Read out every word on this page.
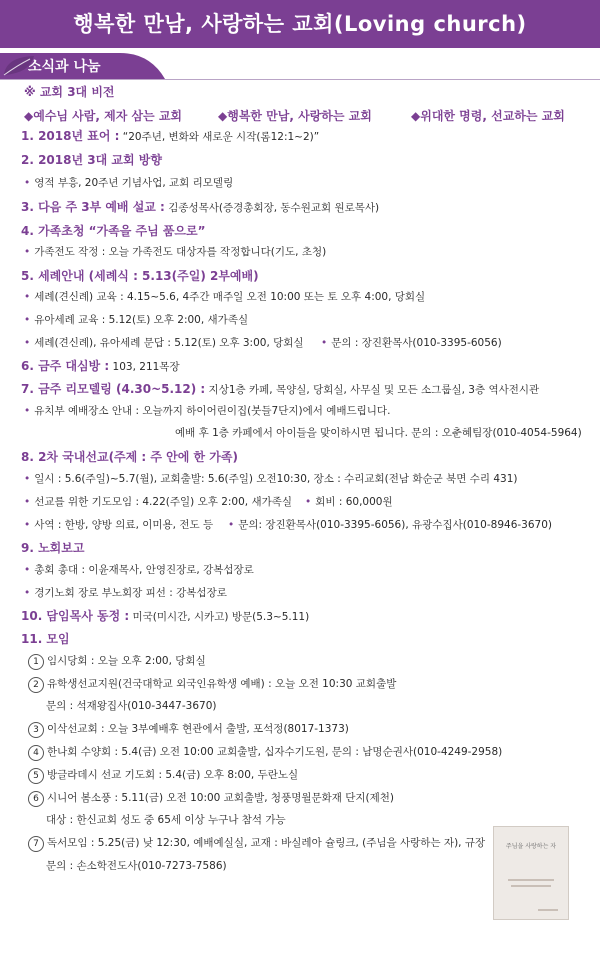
행복한 만남, 사랑하는 교회(Loving church)
소식과 나눔
※ 교회 3대 비전
◆예수님 사람, 제자 삼는 교회	◆행복한 만남, 사랑하는 교회	◆위대한 명령, 선교하는 교회
1. 2018년 표어 : “20주년, 변화와 새로운 시작(롬12:1~2)”
2. 2018년 3대 교회 방향
• 영적 부흥, 20주년 기념사업, 교회 리모델링
3. 다음 주 3부 예배 설교 : 김종성목사(증경총회장, 동수원교회 원로목사)
4. 가족초청 “가족을 주님 품으로”
• 가족전도 작정 : 오늘 가족전도 대상자를 작정합니다(기도, 초청)
5. 세례안내 (세례식 : 5.13(주일) 2부예배)
• 세례(견신례) 교육 : 4.15~5.6, 4주간 매주일 오전 10:00 또는 토 오후 4:00, 당회실
• 유아세례 교육 : 5.12(토) 오후 2:00, 새가족실
• 세례(견신례), 유아세례 문답 : 5.12(토) 오후 3:00, 당회실 • 문의 : 장진환목사(010-3395-6056)
6. 금주 대심방 : 103, 211목장
7. 금주 리모델링 (4.30~5.12) : 지상1층 카페, 목양실, 당회실, 사무실 및 모든 소그룹실, 3층 역사전시관
• 유치부 예배장소 안내 : 오늘까지 하이어린이집(붓들7단지)에서 예배드립니다.
예배 후 1층 카페에서 아이들을 맞이하시면 됩니다. 문의 : 오춘혜팀장(010-4054-5964)
8. 2차 국내선교(주제 : 주 안에 한 가족)
• 일시 : 5.6(주일)~5.7(월), 교회출발: 5.6(주일) 오전10:30, 장소 : 수리교회(전남 화순군 북면 수리 431)
• 선교를 위한 기도모임 : 4.22(주일) 오후 2:00, 새가족실 • 회비 : 60,000원
• 사역 : 한방, 양방 의료, 이미용, 전도 등 • 문의: 장진환목사(010-3395-6056), 유광수집사(010-8946-3670)
9. 노회보고
• 총회 총대 : 이윤재목사, 안영진장로, 강복섭장로
• 경기노회 장로 부노회장 피선 : 강복섭장로
10. 담임목사 동정 : 미국(미시간, 시카고) 방문(5.3~5.11)
11. 모임
1 임시당회 : 오늘 오후 2:00, 당회실
2 유학생선교지원(건국대학교 외국인유학생 예배) : 오늘 오전 10:30 교회출발
문의 : 석재왕집사(010-3447-3670)
3 이삭선교회 : 오늘 3부예배후 현관에서 출발, 포석정(8017-1373)
4 한나회 수양회 : 5.4(금) 오전 10:00 교회출발, 십자수기도원, 문의 : 남명순권사(010-4249-2958)
5 방글라데시 선교 기도회 : 5.4(금) 오후 8:00, 두란노실
6 시니어 봄소풍 : 5.11(금) 오전 10:00 교회출발, 청풍명월문화재 단지(제천)
대상 : 한신교회 성도 중 65세 이상 누구나 참석 가능
7 독서모임 : 5.25(금) 낮 12:30, 예배예실실, 교재 : 바실레아 슐링크, (주님을 사랑하는 자), 규장
문의 : 손소학전도사(010-7273-7586)
주님을 사랑하는 자
